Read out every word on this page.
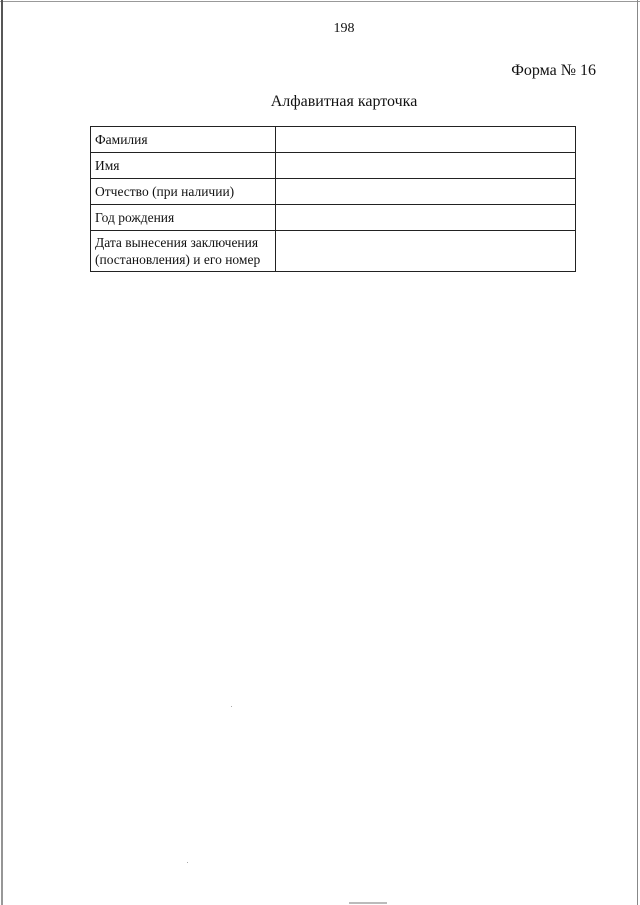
198
Форма № 16
Алфавитная карточка
Фамилия	
Имя	
Отчество (при наличии)	
Год рождения	
Дата вынесения заключения (постановления) и его номер	
